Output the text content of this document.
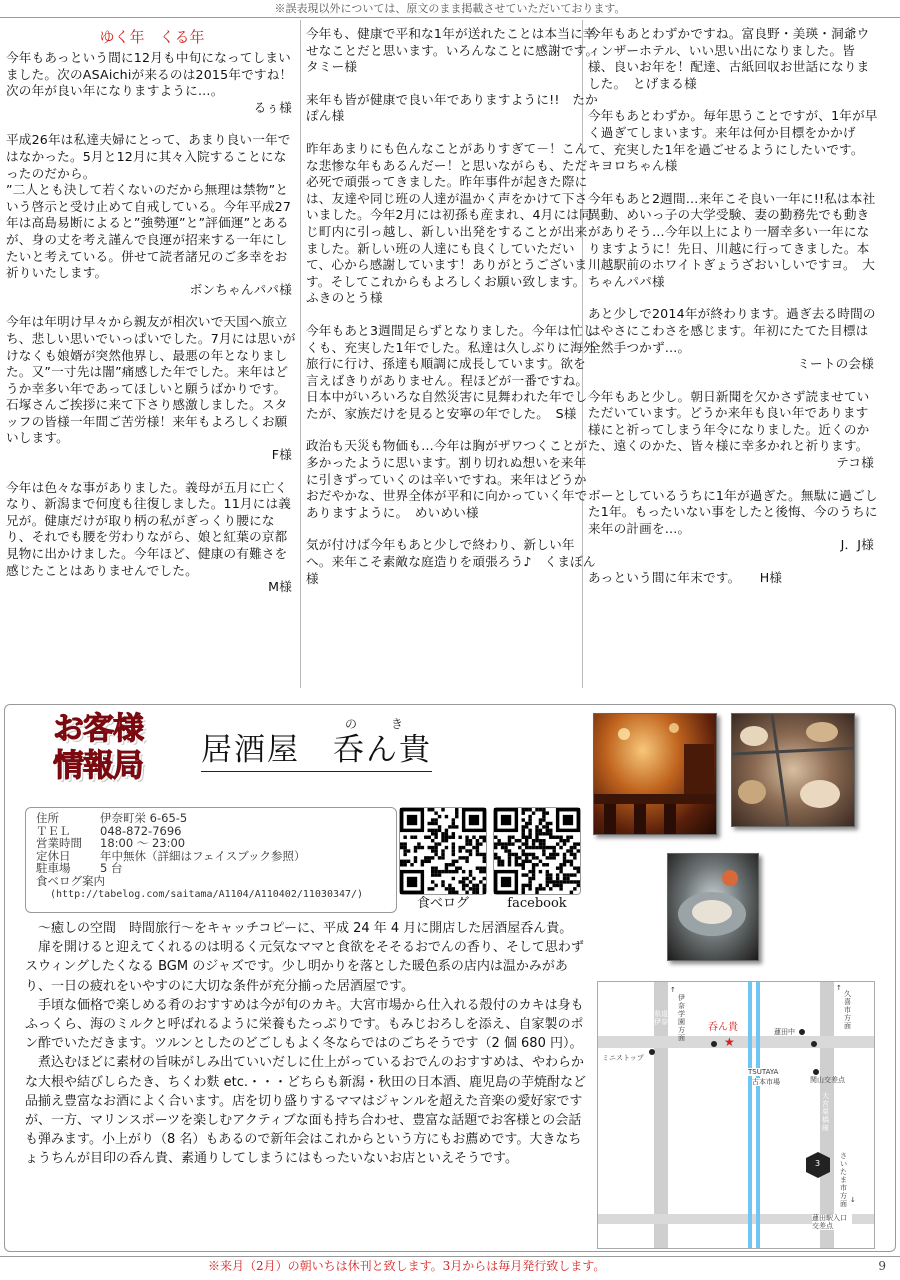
※誤表現以外については、原文のまま掲載させていただいております。
ゆく年　くる年
今年もあっという間に12月も中旬になってしまいました。次のASAichiが来るのは2015年ですね！次の年が良い年になりますように…。
るぅ様
平成26年は私達夫婦にとって、あまり良い一年ではなかった。5月と12月に其々入院することになったのだから。
”二人とも決して若くないのだから無理は禁物”という啓示と受け止めて自戒している。今年平成27年は高島易断によると”強勢運”と”評価運”とあるが、身の丈を考え謹んで良運が招来する一年にしたいと考えている。併せて読者諸兄のご多幸をお祈りいたします。
ボンちゃんパパ様
今年は年明け早々から親友が相次いで天国へ旅立ち、悲しい思いでいっぱいでした。7月には思いがけなくも娘婿が突然他界し、最悪の年となりました。又”一寸先は闇”痛感した年でした。来年はどうか幸多い年であってほしいと願うばかりです。石塚さんご挨拶に来て下さり感激しました。スタッフの皆様一年間ご苦労様！来年もよろしくお願いします。
F様
今年は色々な事がありました。義母が五月に亡くなり、新潟まで何度も往復しました。11月には義兄が。健康だけが取り柄の私がぎっくり腰になり、それでも腰を労わりながら、娘と紅葉の京都見物に出かけました。今年ほど、健康の有難さを感じたことはありませんでした。
M様
今年も、健康で平和な1年が送れたことは本当に幸せなことだと思います。いろんなことに感謝です。　　タミー様
来年も皆が健康で良い年でありますように!!　 たかぽん様
昨年あまりにも色んなことがありすぎて－！こんな悲惨な年もあるんだー！と思いながらも、ただ必死で頑張ってきました。昨年事件が起きた際には、友達や同じ班の人達が温かく声をかけて下さいました。今年2月には初孫も産まれ、4月には同じ町内に引っ越し、新しい出発をすることが出来ました。新しい班の人達にも良くしていただいて、心から感謝しています！ありがとうございます。そしてこれからもよろしくお願い致します。　ふきのとう様
今年もあと3週間足らずとなりました。今年は忙しくも、充実した1年でした。私達は久しぶりに海外旅行に行け、孫達も順調に成長しています。欲を言えばきりがありません。程ほどが一番ですね。日本中がいろいろな自然災害に見舞われた年でしたが、家族だけを見ると安寧の年でした。　 S様
政治も天災も物価も…今年は胸がザワつくことが多かったように思います。割り切れぬ想いを来年に引きずっていくのは辛いですね。来年はどうかおだやかな、世界全体が平和に向かっていく年でありますように。　 めいめい様
気が付けば今年もあと少しで終わり、新しい年へ。来年こそ素敵な庭造りを頑張ろう♪　 くまぼん様
今年もあとわずかですね。富良野・美瑛・洞爺ウィンザーホテル、いい思い出になりました。皆様、良いお年を！配達、古紙回収お世話になりました。　 とげまる様
今年もあとわずか。毎年思うことですが、1年が早く過ぎてしまいます。来年は何か目標をかかげて、充実した1年を過ごせるようにしたいです。　キヨロちゃん様
今年もあと2週間…来年こそ良い一年に!!私は本社異動、めいっ子の大学受験、妻の勤務先でも動きがありそう…今年以上により一層幸多い一年になりますように！先日、川越に行ってきました。本川越駅前のホワイトぎょうざおいしいですヨ。　 大ちゃんパパ様
あと少しで2014年が終わります。過ぎ去る時間のはやさにこわさを感じます。年初にたてた目標は全然手つかず…。
ミートの会様
今年もあと少し。朝日新聞を欠かさず読ませていただいています。どうか来年も良い年であります様にと祈ってしまう年令になりました。近くのかた、遠くのかた、皆々様に幸多かれと祈ります。
テコ様
ボーとしているうちに1年が過ぎた。無駄に過ごした1年。もったいない事をしたと後悔、今のうちに来年の計画を…。
J．J様
あっという間に年末です。　　 H様
お客様
情報局
の	き
居酒屋　呑ん貴
住所	伊奈町栄 6-65-5
ＴＥＬ	048-872-7696
営業時間	18:00 ～ 23:00
定休日	年中無休（詳細はフェイスブック参照）
駐車場	5 台
食ベログ案内
(http://tabelog.com/saitama/A1104/A110402/11030347/)
食べログ	facebook

～癒しの空間　時間旅行～をキャッチコピーに、平成 24 年 4 月に開店した居酒屋呑ん貴。

扉を開けると迎えてくれるのは明るく元気なママと食欲をそそるおでんの香り、そして思わずスウィングしたくなる BGM のジャズです。少し明かりを落とした暖色系の店内は温かみがあり、一日の疲れをいやすのに大切な条件が充分揃った居酒屋です。

手頃な価格で楽しめる肴のおすすめは今が旬のカキ。大宮市場から仕入れる殻付のカキは身もふっくら、海のミルクと呼ばれるように栄養もたっぷりです。もみじおろしを添え、自家製のポン酢でいただきます。ツルンとしたのどごしもよく冬ならではのごちそうです（2 個 680 円）。

煮込むほどに素材の旨味がしみ出ていいだしに仕上がっているおでんのおすすめは、やわらかな大根や結びしらたき、ちくわ麩 etc.・・・どちらも新潟・秋田の日本酒、鹿児島の芋焼酎など品揃え豊富なお酒によく合います。店を切り盛りするママはジャンルを超えた音楽の愛好家ですが、一方、マリンスポーツを楽しむアクティブな面も持ち合わせ、豊富な話題でお客様との会話も弾みます。小上がり（8 名）もあるので新年会はこれからという方にもお薦めです。大きなちょうちんが目印の呑ん貴、素通りしてしまうにはもったいないお店といえそうです。

県道伊奈
↑
伊奈学園方面
呑ん貴
★
ミニストップ
蓮田中
関山交差点
TSUTAYA
古本市場
↑
久喜市方面
大宮栗橋線
3
さいたま市方面 ↓
蓮田駅入口交差点
※来月（2月）の朝いちは休刊と致します。3月からは毎月発行致します。	9
